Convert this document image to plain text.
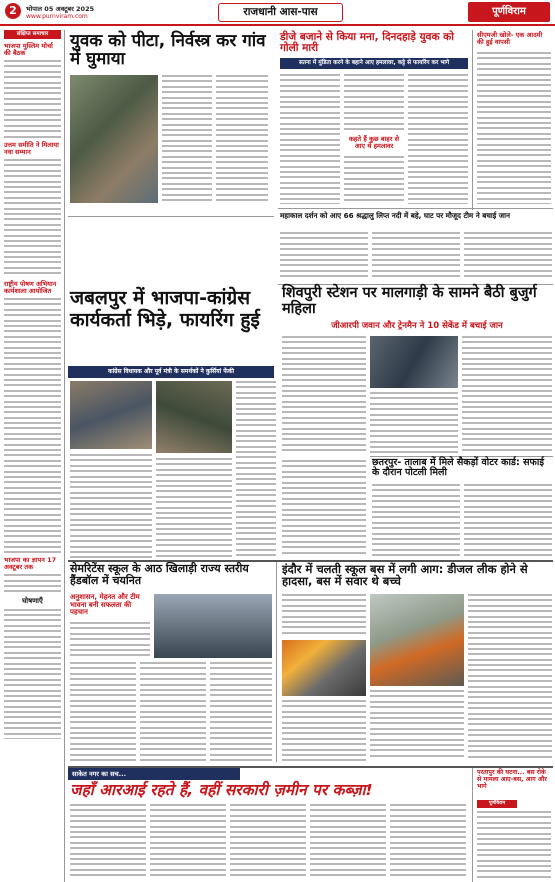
2	भोपाल 05 अक्टूबर 2025
www.purnviram.com	राजधानी आस-पास	पूर्णविराम
संक्षिप्त समाचार
भाजपा मुस्लिम मोर्चा की बैठक
उत्तम समीति ने मिलाया नवा सम्मान
राष्ट्रीय पोषण अभियान कार्यशाला आयोजित
भाजपा का ज्ञापन 17 अक्टूबर तक
घोषणाएँ
युवक को पीटा, निर्वस्त्र कर गांव में घुमाया
डीजे बजाने से किया मना, दिनदहाड़े युवक को गोली मारी
सतना में मुंडिता करने के बहाने आए हमलावर, कट्टे से फायरिंग कर भागे
कहते हैं कुछ बाहर से आए थे हमलावर
सीएमजी खोले- एक आदमी की हुई वापसी
महाकाल दर्शन को आए 66 श्रद्धालु लिप्त नदी में बहे, घाट पर मौजूद टीम ने बचाई जान
जबलपुर में भाजपा-कांग्रेस कार्यकर्ता भिड़े, फायरिंग हुई
कांग्रेस विधायक और पूर्व मंत्री के समर्थकों ने कुर्सियां फेंकी
शिवपुरी स्टेशन पर मालगाड़ी के सामने बैठी बुजुर्ग महिला
जीआरपी जवान और ट्रेनमैन ने 10 सेकेंड में बचाई जान
छतरपुर- तालाब में मिले सैकड़ों वोटर कार्ड: सफाई के दौरान पोटली मिली
सेमरिटेंस स्कूल के आठ खिलाड़ी राज्य स्तरीय हैंडबॉल में चयनित
अनुशासन, मेहनत और टीम भावना बनी सफलता की पहचान
इंदौर में चलती स्कूल बस में लगी आग: डीजल लीक होने से हादसा, बस में सवार थे बच्चे
साकेत नगर का सच...
जहाँ आरआई रहते हैं, वहीं सरकारी ज़मीन पर कब्ज़ा!
परतापुर की घटना... बस रोके से मामला आए-बस, आग और भागे
पूर्णविराम
